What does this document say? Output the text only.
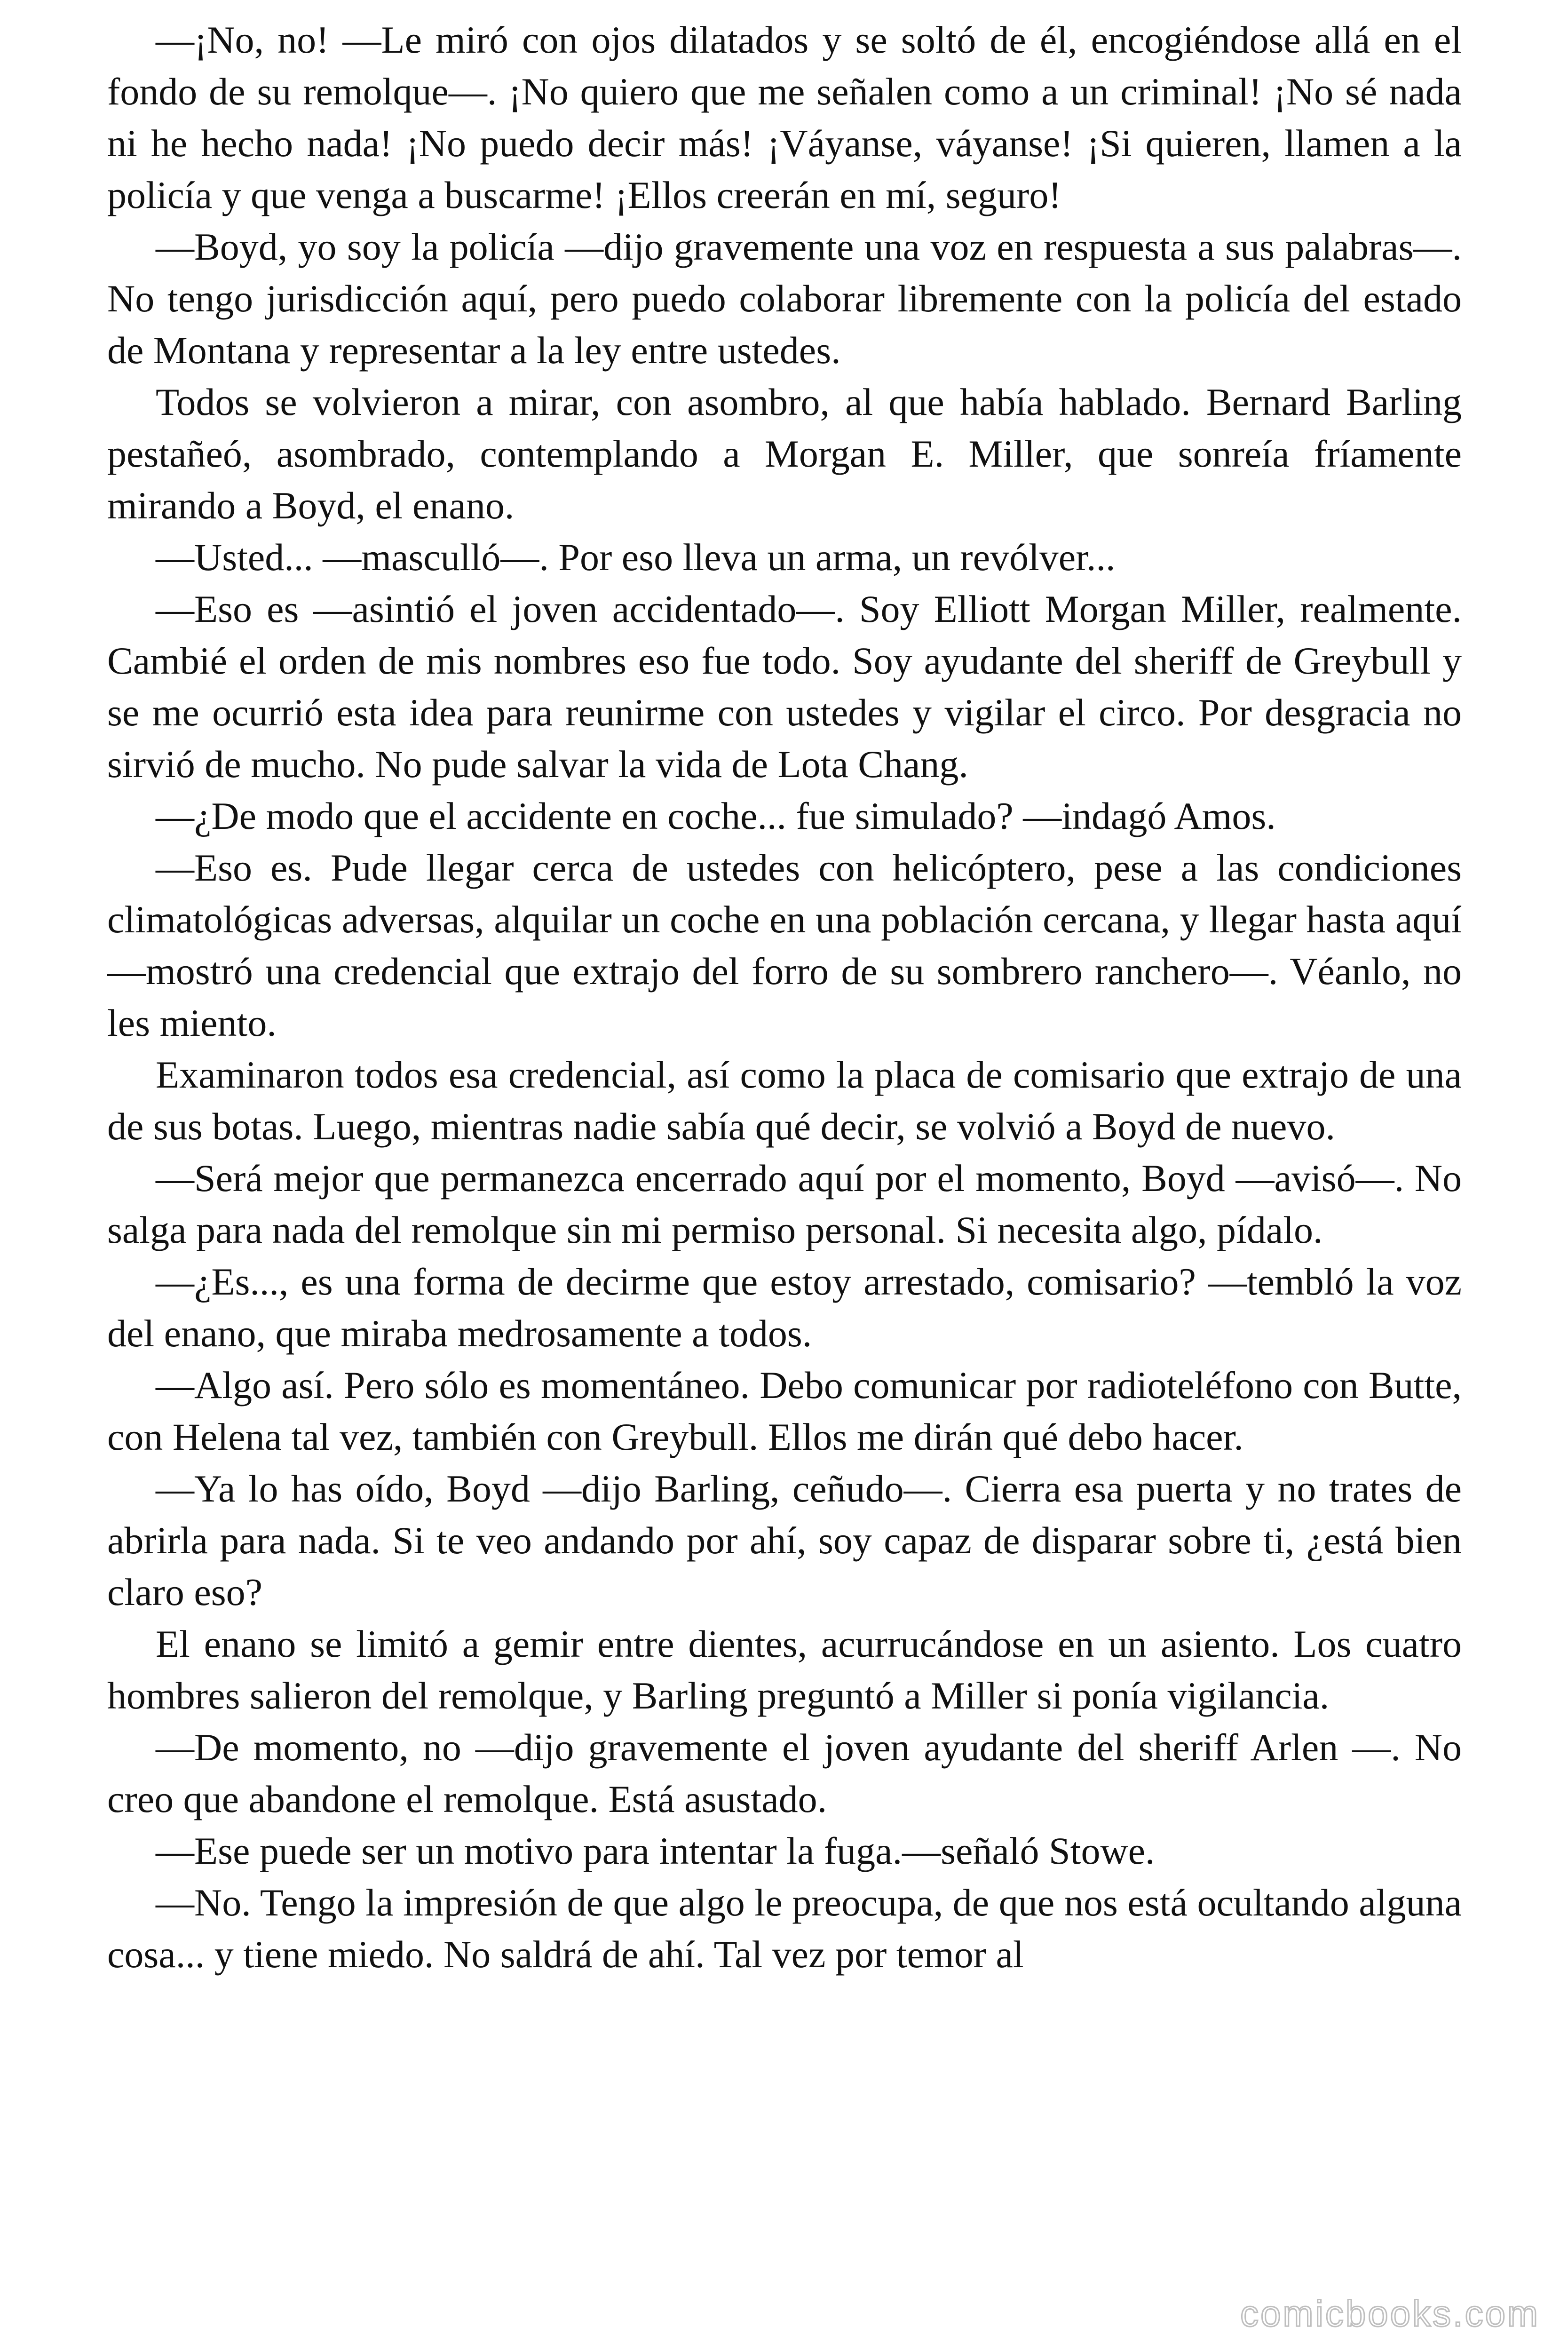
—¡No, no! —Le miró con ojos dilatados y se soltó de él, encogiéndose allá en el fondo de su remolque—. ¡No quiero que me señalen como a un criminal! ¡No sé nada ni he hecho nada! ¡No puedo decir más! ¡Váyanse, váyanse! ¡Si quieren, llamen a la policía y que venga a buscarme! ¡Ellos creerán en mí, seguro!

—Boyd, yo soy la policía —dijo gravemente una voz en respuesta a sus palabras—. No tengo jurisdicción aquí, pero puedo colaborar libremente con la policía del estado de Montana y representar a la ley entre ustedes.

Todos se volvieron a mirar, con asombro, al que había hablado. Bernard Barling pestañeó, asombrado, contemplando a Morgan E. Miller, que sonreía fríamente mirando a Boyd, el enano.

—Usted... —masculló—. Por eso lleva un arma, un revólver...

—Eso es —asintió el joven accidentado—. Soy Elliott Morgan Miller, realmente. Cambié el orden de mis nombres eso fue todo. Soy ayudante del sheriff de Greybull y se me ocurrió esta idea para reunirme con ustedes y vigilar el circo. Por desgracia no sirvió de mucho. No pude salvar la vida de Lota Chang.

—¿De modo que el accidente en coche... fue simulado? —indagó Amos.

—Eso es. Pude llegar cerca de ustedes con helicóptero, pese a las condiciones climatológicas adversas, alquilar un coche en una población cercana, y llegar hasta aquí —mostró una credencial que extrajo del forro de su sombrero ranchero—. Véanlo, no les miento.

Examinaron todos esa credencial, así como la placa de comisario que extrajo de una de sus botas. Luego, mientras nadie sabía qué decir, se volvió a Boyd de nuevo.

—Será mejor que permanezca encerrado aquí por el momento, Boyd —avisó—. No salga para nada del remolque sin mi permiso personal. Si necesita algo, pídalo.

—¿Es..., es una forma de decirme que estoy arrestado, comisario? —tembló la voz del enano, que miraba medrosamente a todos.

—Algo así. Pero sólo es momentáneo. Debo comunicar por radioteléfono con Butte, con Helena tal vez, también con Greybull. Ellos me dirán qué debo hacer.

—Ya lo has oído, Boyd —dijo Barling, ceñudo—. Cierra esa puerta y no trates de abrirla para nada. Si te veo andando por ahí, soy capaz de disparar sobre ti, ¿está bien claro eso?

El enano se limitó a gemir entre dientes, acurrucándose en un asiento. Los cuatro hombres salieron del remolque, y Barling preguntó a Miller si ponía vigilancia.

—De momento, no —dijo gravemente el joven ayudante del sheriff Arlen —. No creo que abandone el remolque. Está asustado.

—Ese puede ser un motivo para intentar la fuga.—señaló Stowe.

—No. Tengo la impresión de que algo le preocupa, de que nos está ocultando alguna cosa... y tiene miedo. No saldrá de ahí. Tal vez por temor al

comicbooks.com
